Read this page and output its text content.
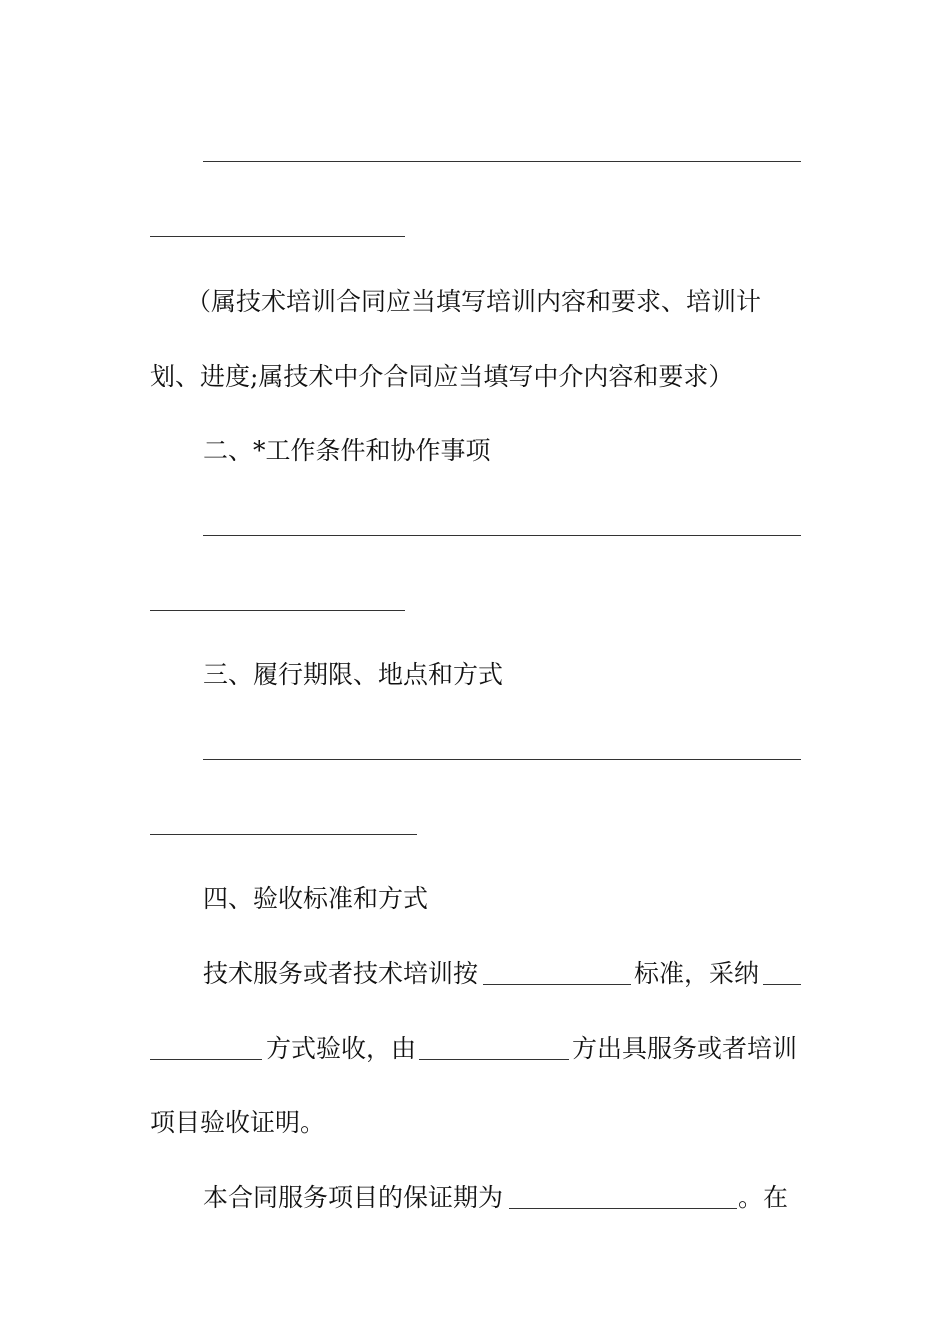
（属技术培训合同应当填写培训内容和要求、培训计
划、进度;属技术中介合同应当填写中介内容和要求）
二、*工作条件和协作事项
三、履行期限、地点和方式
四、验收标准和方式
技术服务或者技术培训按	标准，采纳
方式验收，由	方出具服务或者培训
项目验收证明。
本合同服务项目的保证期为	。在
